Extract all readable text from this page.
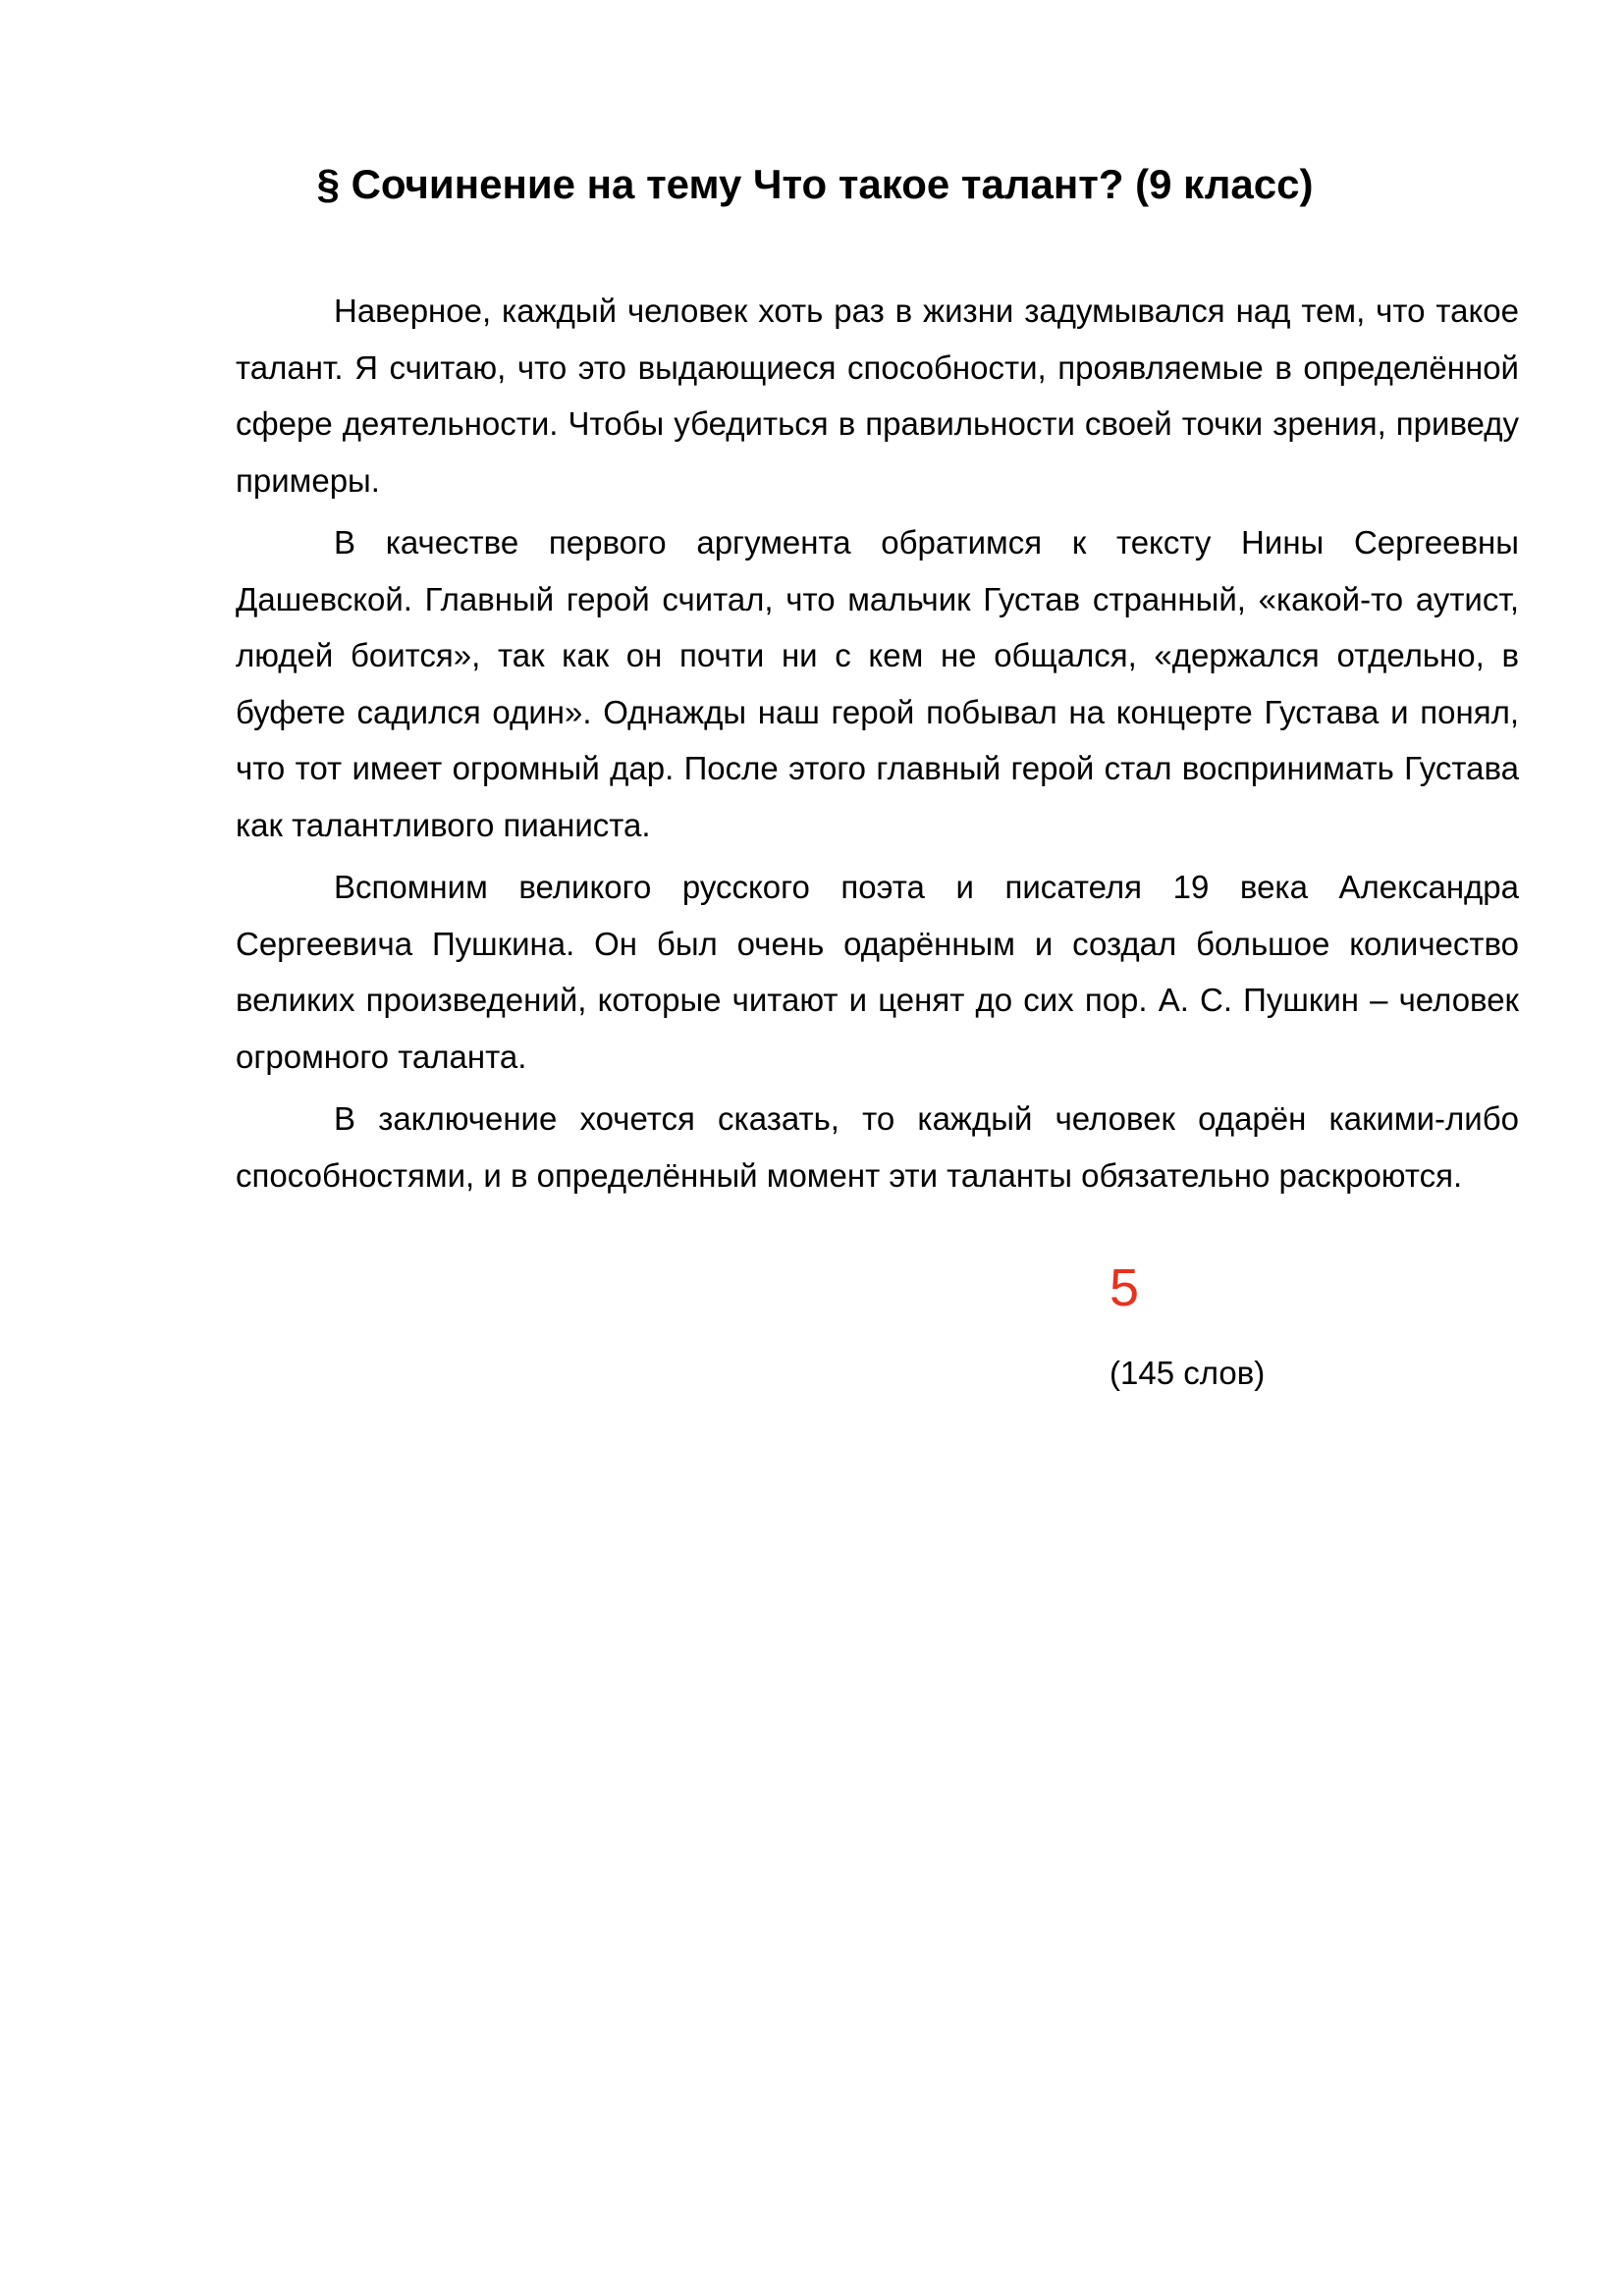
§ Сочинение на тему Что такое талант? (9 класс)

Наверное, каждый человек хоть раз в жизни задумывался над тем, что такое талант. Я считаю, что это выдающиеся способности, проявляемые в определённой сфере деятельности. Чтобы убедиться в правильности своей точки зрения, приведу примеры.

В качестве первого аргумента обратимся к тексту Нины Сергеевны Дашевской. Главный герой считал, что мальчик Густав странный, «какой-то аутист, людей боится», так как он почти ни с кем не общался, «держался отдельно, в буфете садился один». Однажды наш герой побывал на концерте Густава и понял, что тот имеет огромный дар. После этого главный герой стал воспринимать Густава как талантливого пианиста.

Вспомним великого русского поэта и писателя 19 века Александра Сергеевича Пушкина. Он был очень одарённым и создал большое количество великих произведений, которые читают и ценят до сих пор. А. С. Пушкин – человек огромного таланта.

В заключение хочется сказать, то каждый человек одарён какими-либо способностями, и в определённый момент эти таланты обязательно раскроются.

5

(145 слов)
